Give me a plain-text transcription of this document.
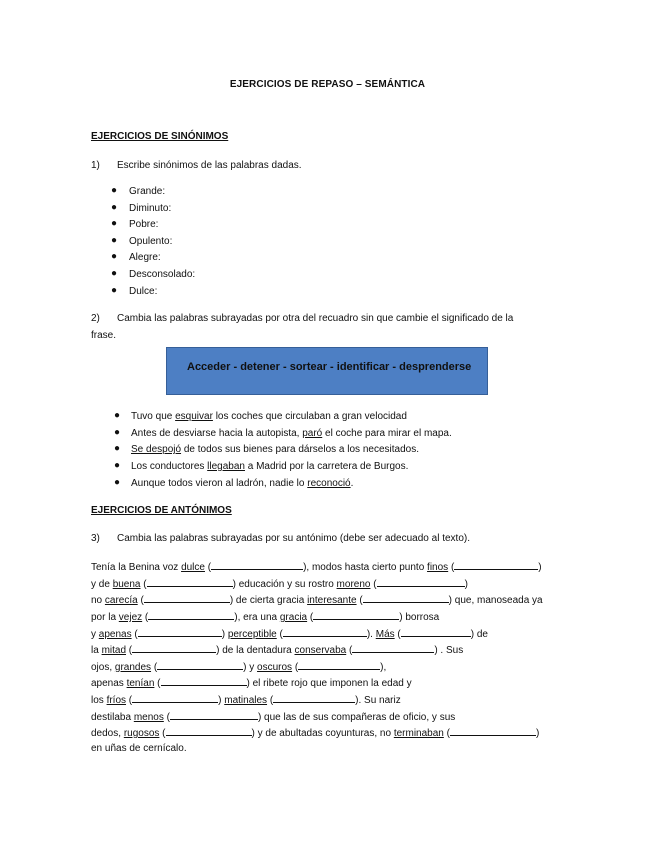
EJERCICIOS DE REPASO – SEMÁNTICA
EJERCICIOS DE SINÓNIMOS
1) Escribe sinónimos de las palabras dadas.
● Grande:
● Diminuto:
● Pobre:
● Opulento:
● Alegre:
● Desconsolado:
● Dulce:
2) Cambia las palabras subrayadas por otra del recuadro sin que cambie el significado de la
frase.
Acceder - detener - sortear - identificar - desprenderse
● Tuvo que esquivar los coches que circulaban a gran velocidad
● Antes de desviarse hacia la autopista, paró el coche para mirar el mapa.
● Se despojó de todos sus bienes para dárselos a los necesitados.
● Los conductores llegaban a Madrid por la carretera de Burgos.
● Aunque todos vieron al ladrón, nadie lo reconoció.
EJERCICIOS DE ANTÓNIMOS
3) Cambia las palabras subrayadas por su antónimo (debe ser adecuado al texto).
Tenía la Benina voz dulce (	), modos hasta cierto punto finos (	)
y de buena (	) educación y su rostro moreno (	)
no carecía (	) de cierta gracia interesante (	) que, manoseada ya
por la vejez (	), era una gracia (	) borrosa
y apenas (	) perceptible (	). Más (	) de
la mitad (	) de la dentadura conservaba (	) . Sus
ojos, grandes (	) y oscuros (	),
apenas tenían (	) el ribete rojo que imponen la edad y
los fríos (	) matinales (	). Su nariz
destilaba menos (	) que las de sus compañeras de oficio, y sus
dedos, rugosos (	) y de abultadas coyunturas, no terminaban (	)
en uñas de cernícalo.
